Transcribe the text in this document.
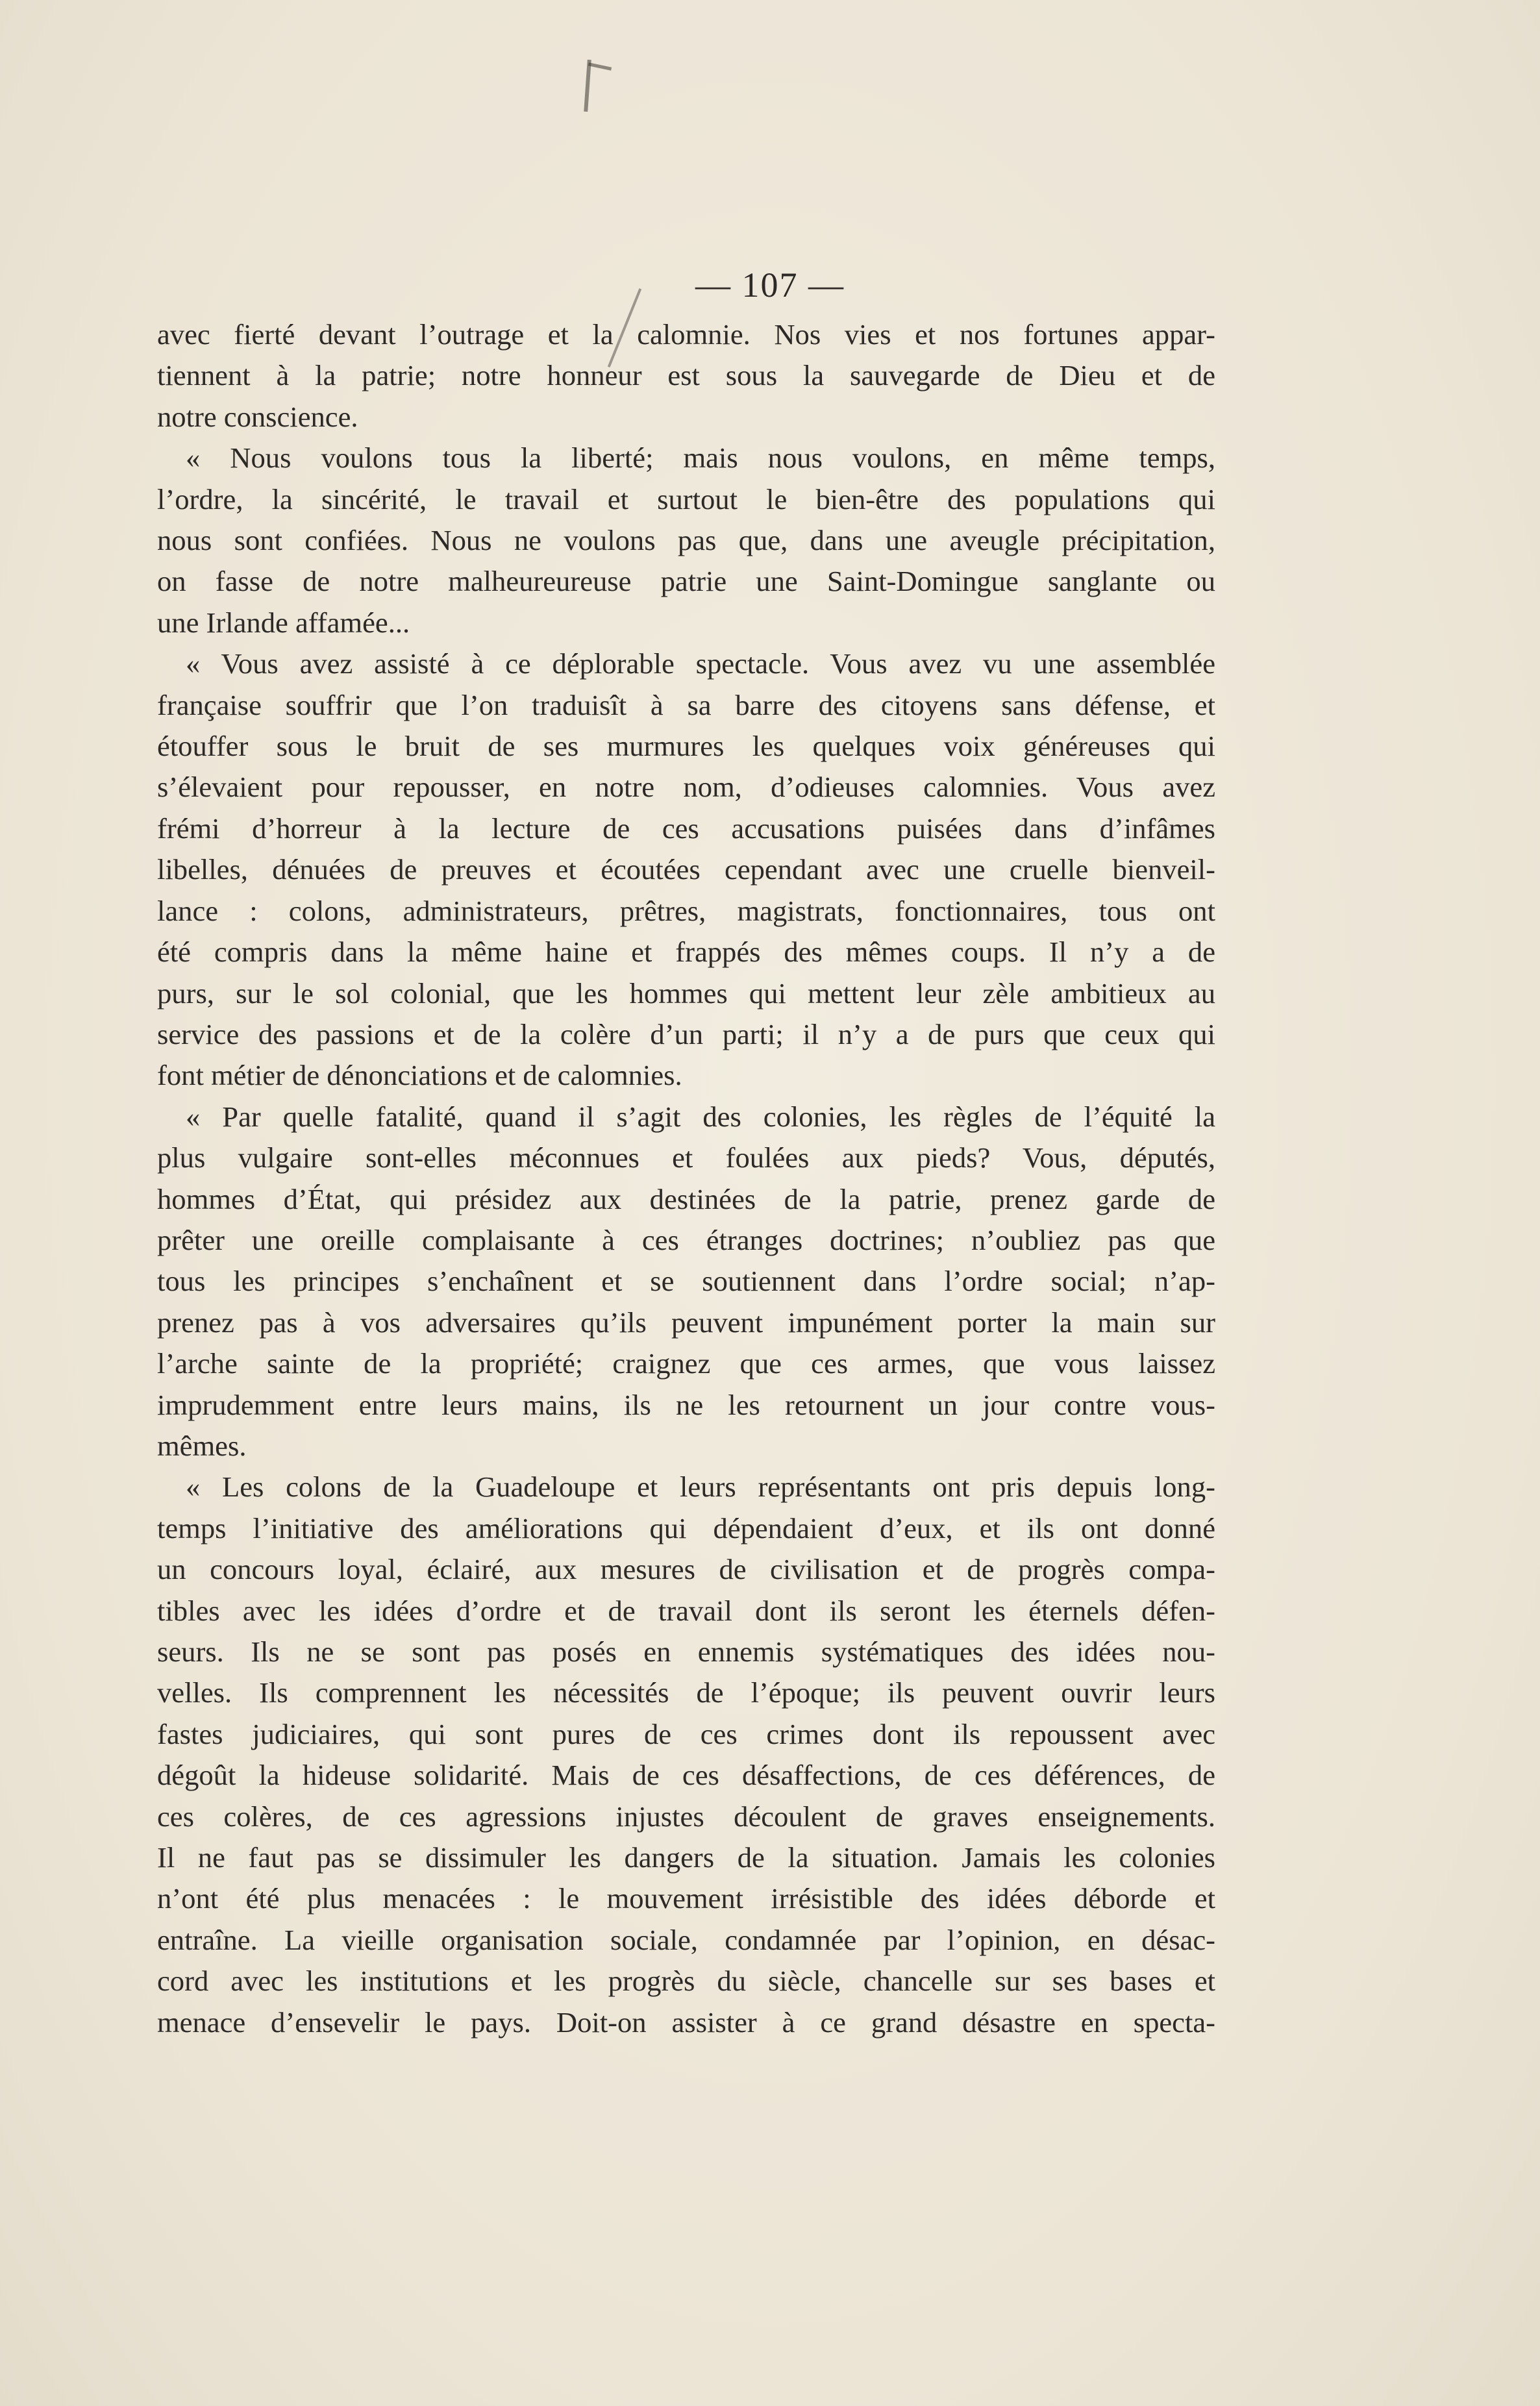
— 107 —
avec fierté devant l’outrage et la calomnie. Nos vies et nos fortunes appar-
tiennent à la patrie; notre honneur est sous la sauvegarde de Dieu et de
notre conscience.
« Nous voulons tous la liberté; mais nous voulons, en même temps,
l’ordre, la sincérité, le travail et surtout le bien-être des populations qui
nous sont confiées. Nous ne voulons pas que, dans une aveugle précipitation,
on fasse de notre malheureureuse patrie une Saint-Domingue sanglante ou
une Irlande affamée...
« Vous avez assisté à ce déplorable spectacle. Vous avez vu une assemblée
française souffrir que l’on traduisît à sa barre des citoyens sans défense, et
étouffer sous le bruit de ses murmures les quelques voix généreuses qui
s’élevaient pour repousser, en notre nom, d’odieuses calomnies. Vous avez
frémi d’horreur à la lecture de ces accusations puisées dans d’infâmes
libelles, dénuées de preuves et écoutées cependant avec une cruelle bienveil-
lance : colons, administrateurs, prêtres, magistrats, fonctionnaires, tous ont
été compris dans la même haine et frappés des mêmes coups. Il n’y a de
purs, sur le sol colonial, que les hommes qui mettent leur zèle ambitieux au
service des passions et de la colère d’un parti; il n’y a de purs que ceux qui
font métier de dénonciations et de calomnies.
« Par quelle fatalité, quand il s’agit des colonies, les règles de l’équité la
plus vulgaire sont-elles méconnues et foulées aux pieds? Vous, députés,
hommes d’État, qui présidez aux destinées de la patrie, prenez garde de
prêter une oreille complaisante à ces étranges doctrines; n’oubliez pas que
tous les principes s’enchaînent et se soutiennent dans l’ordre social; n’ap-
prenez pas à vos adversaires qu’ils peuvent impunément porter la main sur
l’arche sainte de la propriété; craignez que ces armes, que vous laissez
imprudemment entre leurs mains, ils ne les retournent un jour contre vous-
mêmes.
« Les colons de la Guadeloupe et leurs représentants ont pris depuis long-
temps l’initiative des améliorations qui dépendaient d’eux, et ils ont donné
un concours loyal, éclairé, aux mesures de civilisation et de progrès compa-
tibles avec les idées d’ordre et de travail dont ils seront les éternels défen-
seurs. Ils ne se sont pas posés en ennemis systématiques des idées nou-
velles. Ils comprennent les nécessités de l’époque; ils peuvent ouvrir leurs
fastes judiciaires, qui sont pures de ces crimes dont ils repoussent avec
dégoût la hideuse solidarité. Mais de ces désaffections, de ces déférences, de
ces colères, de ces agressions injustes découlent de graves enseignements.
Il ne faut pas se dissimuler les dangers de la situation. Jamais les colonies
n’ont été plus menacées : le mouvement irrésistible des idées déborde et
entraîne. La vieille organisation sociale, condamnée par l’opinion, en désac-
cord avec les institutions et les progrès du siècle, chancelle sur ses bases et
menace d’ensevelir le pays. Doit-on assister à ce grand désastre en specta-
